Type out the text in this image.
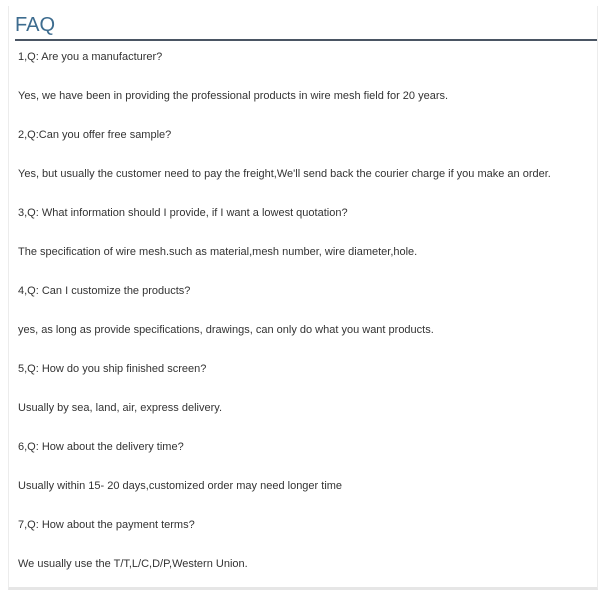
FAQ
1,Q: Are you a manufacturer?
Yes, we have been in providing the professional products in wire mesh field for 20 years.
2,Q:Can you offer free sample?
Yes, but usually the customer need to pay the freight,We'll send back the courier charge if you make an order.
3,Q: What information should I provide, if I want a lowest quotation?
The specification of wire mesh.such as material,mesh number, wire diameter,hole.
4,Q: Can I customize the products?
yes, as long as provide specifications, drawings, can only do what you want products.
5,Q: How do you ship finished screen?
Usually by sea, land, air, express delivery.
6,Q: How about the delivery time?
Usually within 15- 20 days,customized order may need longer time
7,Q: How about the payment terms?
We usually use the T/T,L/C,D/P,Western Union.
